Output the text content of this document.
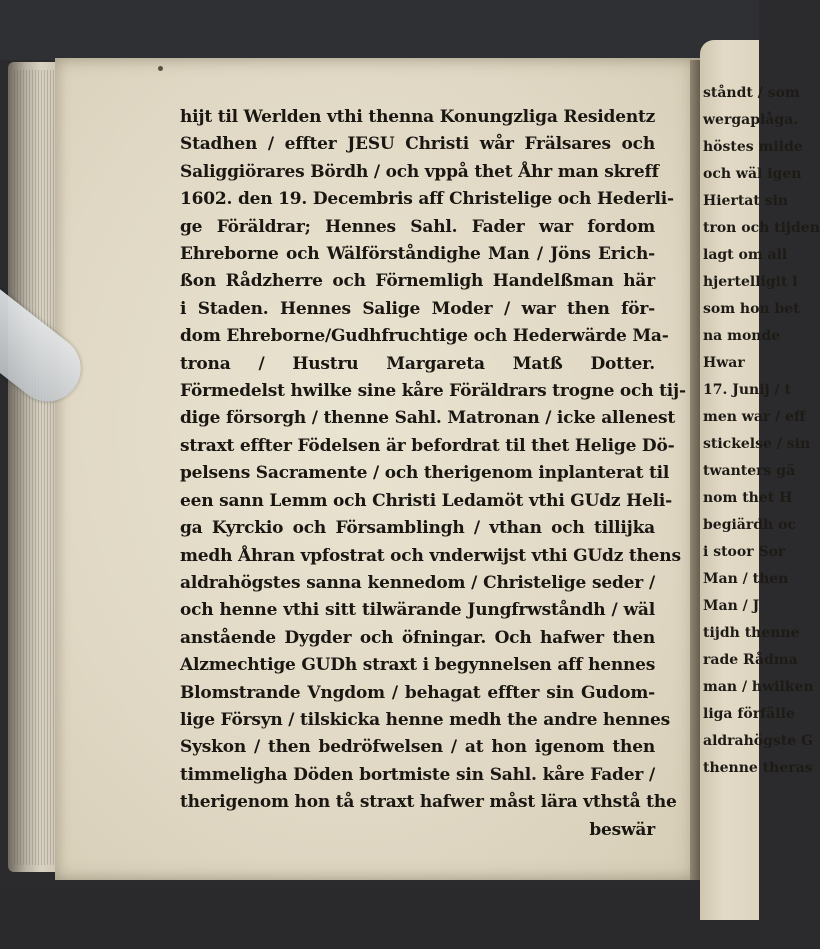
hijt til Werlden vthi thenna Konungzliga Residentz
Stadhen / effter JESU Christi wår Frälsares och
Saliggiörares Bördh / och vppå thet Åhr man skreff
1602. den 19. Decembris aff Christelige och Hederli-
ge Föräldrar; Hennes Sahl. Fader war fordom
Ehreborne och Wälförståndighe Man / Jöns Erich-
ßon Rådzherre och Förnemligh Handelßman här
i Staden. Hennes Salige Moder / war then för-
dom Ehreborne/Gudhfruchtige och Hederwärde Ma-
trona / Hustru Margareta Matß Dotter.
Förmedelst hwilke sine kåre Föräldrars trogne och tij-
dige försorgh / thenne Sahl. Matronan / icke allenest
straxt effter Födelsen är befordrat til thet Helige Dö-
pelsens Sacramente / och therigenom inplanterat til
een sann Lemm och Christi Ledamöt vthi GUdz Heli-
ga Kyrckio och Församblingh / vthan och tillijka
medh Åhran vpfostrat och vnderwijst vthi GUdz thens
aldrahögstes sanna kennedom / Christelige seder /
och henne vthi sitt tilwärande Jungfrwståndh / wäl
anstående Dygder och öfningar. Och hafwer then
Alzmechtige GUDh straxt i begynnelsen aff hennes
Blomstrande Vngdom / behagat effter sin Gudom-
lige Försyn / tilskicka henne medh the andre hennes
Syskon / then bedröfwelsen / at hon igenom then
timmeligha Döden bortmiste sin Sahl. kåre Fader /
therigenom hon tå straxt hafwer måst lära vthstå the
beswär
ståndt / som
wergaplåga.
höstes milde
och wäl igen
Hiertat sin
tron och tijden
lagt om all
hjertelligit l
som hon bet
na monde
Hwar
17. Junij / t
men war / eff
stickelse / sin
twanters gä
nom thet H
begiärdh oc
i stoor Sor
Man / then
Man / J
tijdh thenne
rade Rådma
man / hwilken
liga förfälle
aldrahögste G
thenne theras
